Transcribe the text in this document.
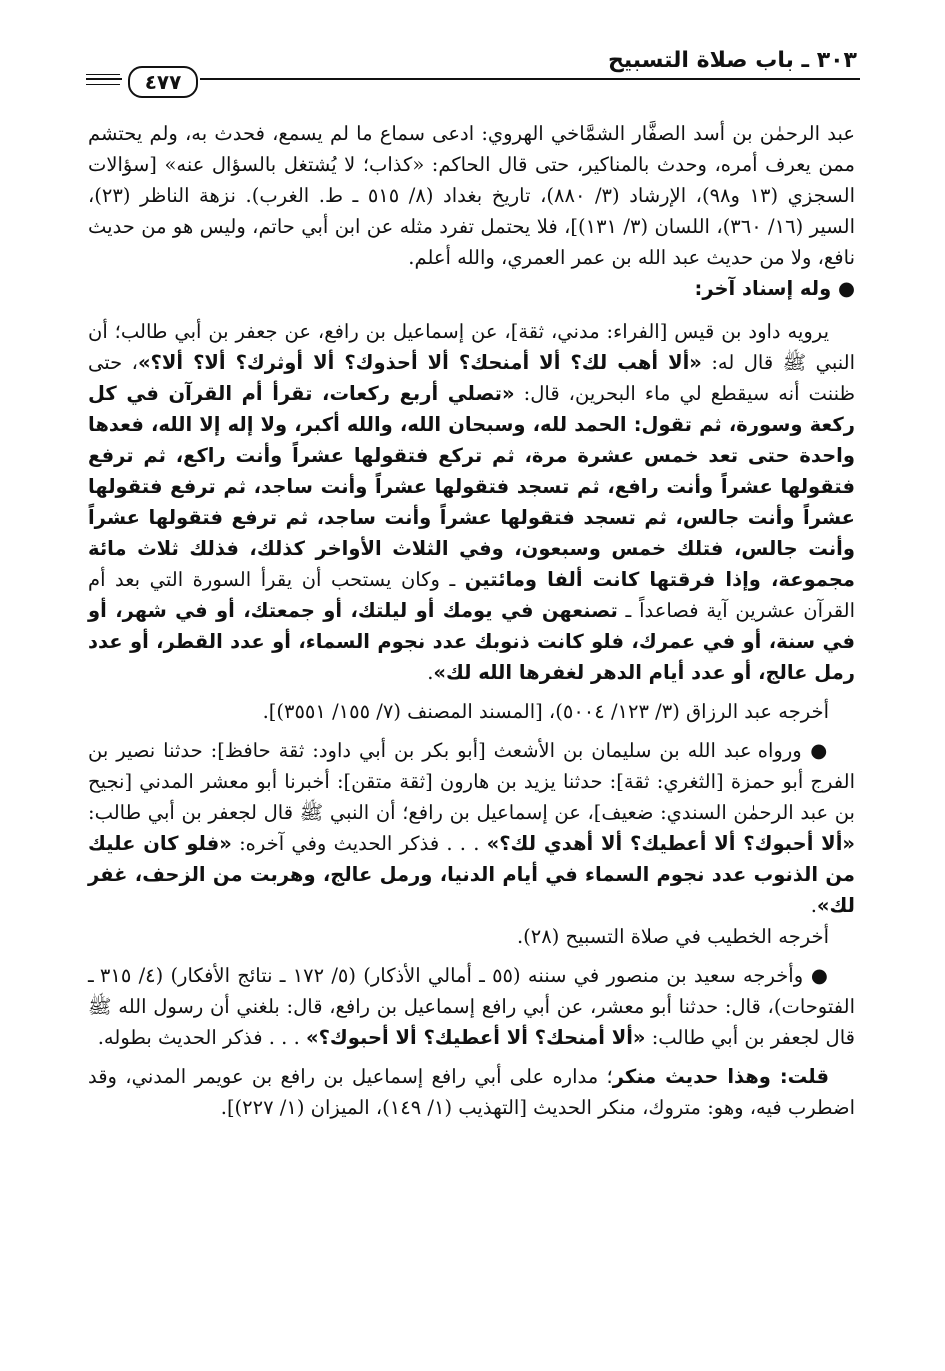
٣٠٣ ـ باب صلاة التسبيح
٤٧٧

عبد الرحمٰن بن أسد الصفَّار الشمَّاخي الهروي: ادعى سماع ما لم يسمع، فحدث به، ولم يحتشم ممن يعرف أمره، وحدث بالمناكير، حتى قال الحاكم: «كذاب؛ لا يُشتغل بالسؤال عنه» [سؤالات السجزي (١٣ و٩٨)، الإرشاد (٣/ ٨٨٠)، تاريخ بغداد (٨/ ٥١٥ ـ ط. الغرب). نزهة الناظر (٢٣)، السير (١٦/ ٣٦٠)، اللسان (٣/ ١٣١)]، فلا يحتمل تفرد مثله عن ابن أبي حاتم، وليس هو من حديث نافع، ولا من حديث عبد الله بن عمر العمري، والله أعلم.

● وله إسناد آخر:

يرويه داود بن قيس [الفراء: مدني، ثقة]، عن إسماعيل بن رافع، عن جعفر بن أبي طالب؛ أن النبي ﷺ قال له: «ألا أهب لك؟ ألا أمنحك؟ ألا أحذوك؟ ألا أوثرك؟ ألا؟ ألا؟»، حتى ظننت أنه سيقطع لي ماء البحرين، قال: «تصلي أربع ركعات، تقرأ أم القرآن في كل ركعة وسورة، ثم تقول: الحمد لله، وسبحان الله، والله أكبر، ولا إله إلا الله، فعدها واحدة حتى تعد خمس عشرة مرة، ثم تركع فتقولها عشراً وأنت راكع، ثم ترفع فتقولها عشراً وأنت رافع، ثم تسجد فتقولها عشراً وأنت ساجد، ثم ترفع فتقولها عشراً وأنت جالس، ثم تسجد فتقولها عشراً وأنت ساجد، ثم ترفع فتقولها عشراً وأنت جالس، فتلك خمس وسبعون، وفي الثلاث الأواخر كذلك، فذلك ثلاث مائة مجموعة، وإذا فرقتها كانت ألفا ومائتين ـ وكان يستحب أن يقرأ السورة التي بعد أم القرآن عشرين آية فصاعداً ـ تصنعهن في يومك أو ليلتك، أو جمعتك، أو في شهر، أو في سنة، أو في عمرك، فلو كانت ذنوبك عدد نجوم السماء، أو عدد القطر، أو عدد رمل عالج، أو عدد أيام الدهر لغفرها الله لك».

أخرجه عبد الرزاق (٣/ ١٢٣/ ٥٠٠٤)، [المسند المصنف (٧/ ١٥٥/ ٣٥٥١)].

● ورواه عبد الله بن سليمان بن الأشعث [أبو بكر بن أبي داود: ثقة حافظ]: حدثنا نصير بن الفرج أبو حمزة [الثغري: ثقة]: حدثنا يزيد بن هارون [ثقة متقن]: أخبرنا أبو معشر المدني [نجيح بن عبد الرحمٰن السندي: ضعيف]، عن إسماعيل بن رافع؛ أن النبي ﷺ قال لجعفر بن أبي طالب: «ألا أحبوك؟ ألا أعطيك؟ ألا أهدي لك؟» . . . فذكر الحديث وفي آخره: «فلو كان عليك من الذنوب عدد نجوم السماء في أيام الدنيا، ورمل عالج، وهربت من الزحف، غفر لك».

أخرجه الخطيب في صلاة التسبيح (٢٨).

● وأخرجه سعيد بن منصور في سننه (٥٥ ـ أمالي الأذكار) (٥/ ١٧٢ ـ نتائج الأفكار) (٤/ ٣١٥ ـ الفتوحات)، قال: حدثنا أبو معشر، عن أبي رافع إسماعيل بن رافع، قال: بلغني أن رسول الله ﷺ قال لجعفر بن أبي طالب: «ألا أمنحك؟ ألا أعطيك؟ ألا أحبوك؟» . . . فذكر الحديث بطوله.

قلت: وهذا حديث منكر؛ مداره على أبي رافع إسماعيل بن رافع بن عويمر المدني، وقد اضطرب فيه، وهو: متروك، منكر الحديث [التهذيب (١/ ١٤٩)، الميزان (١/ ٢٢٧)].
